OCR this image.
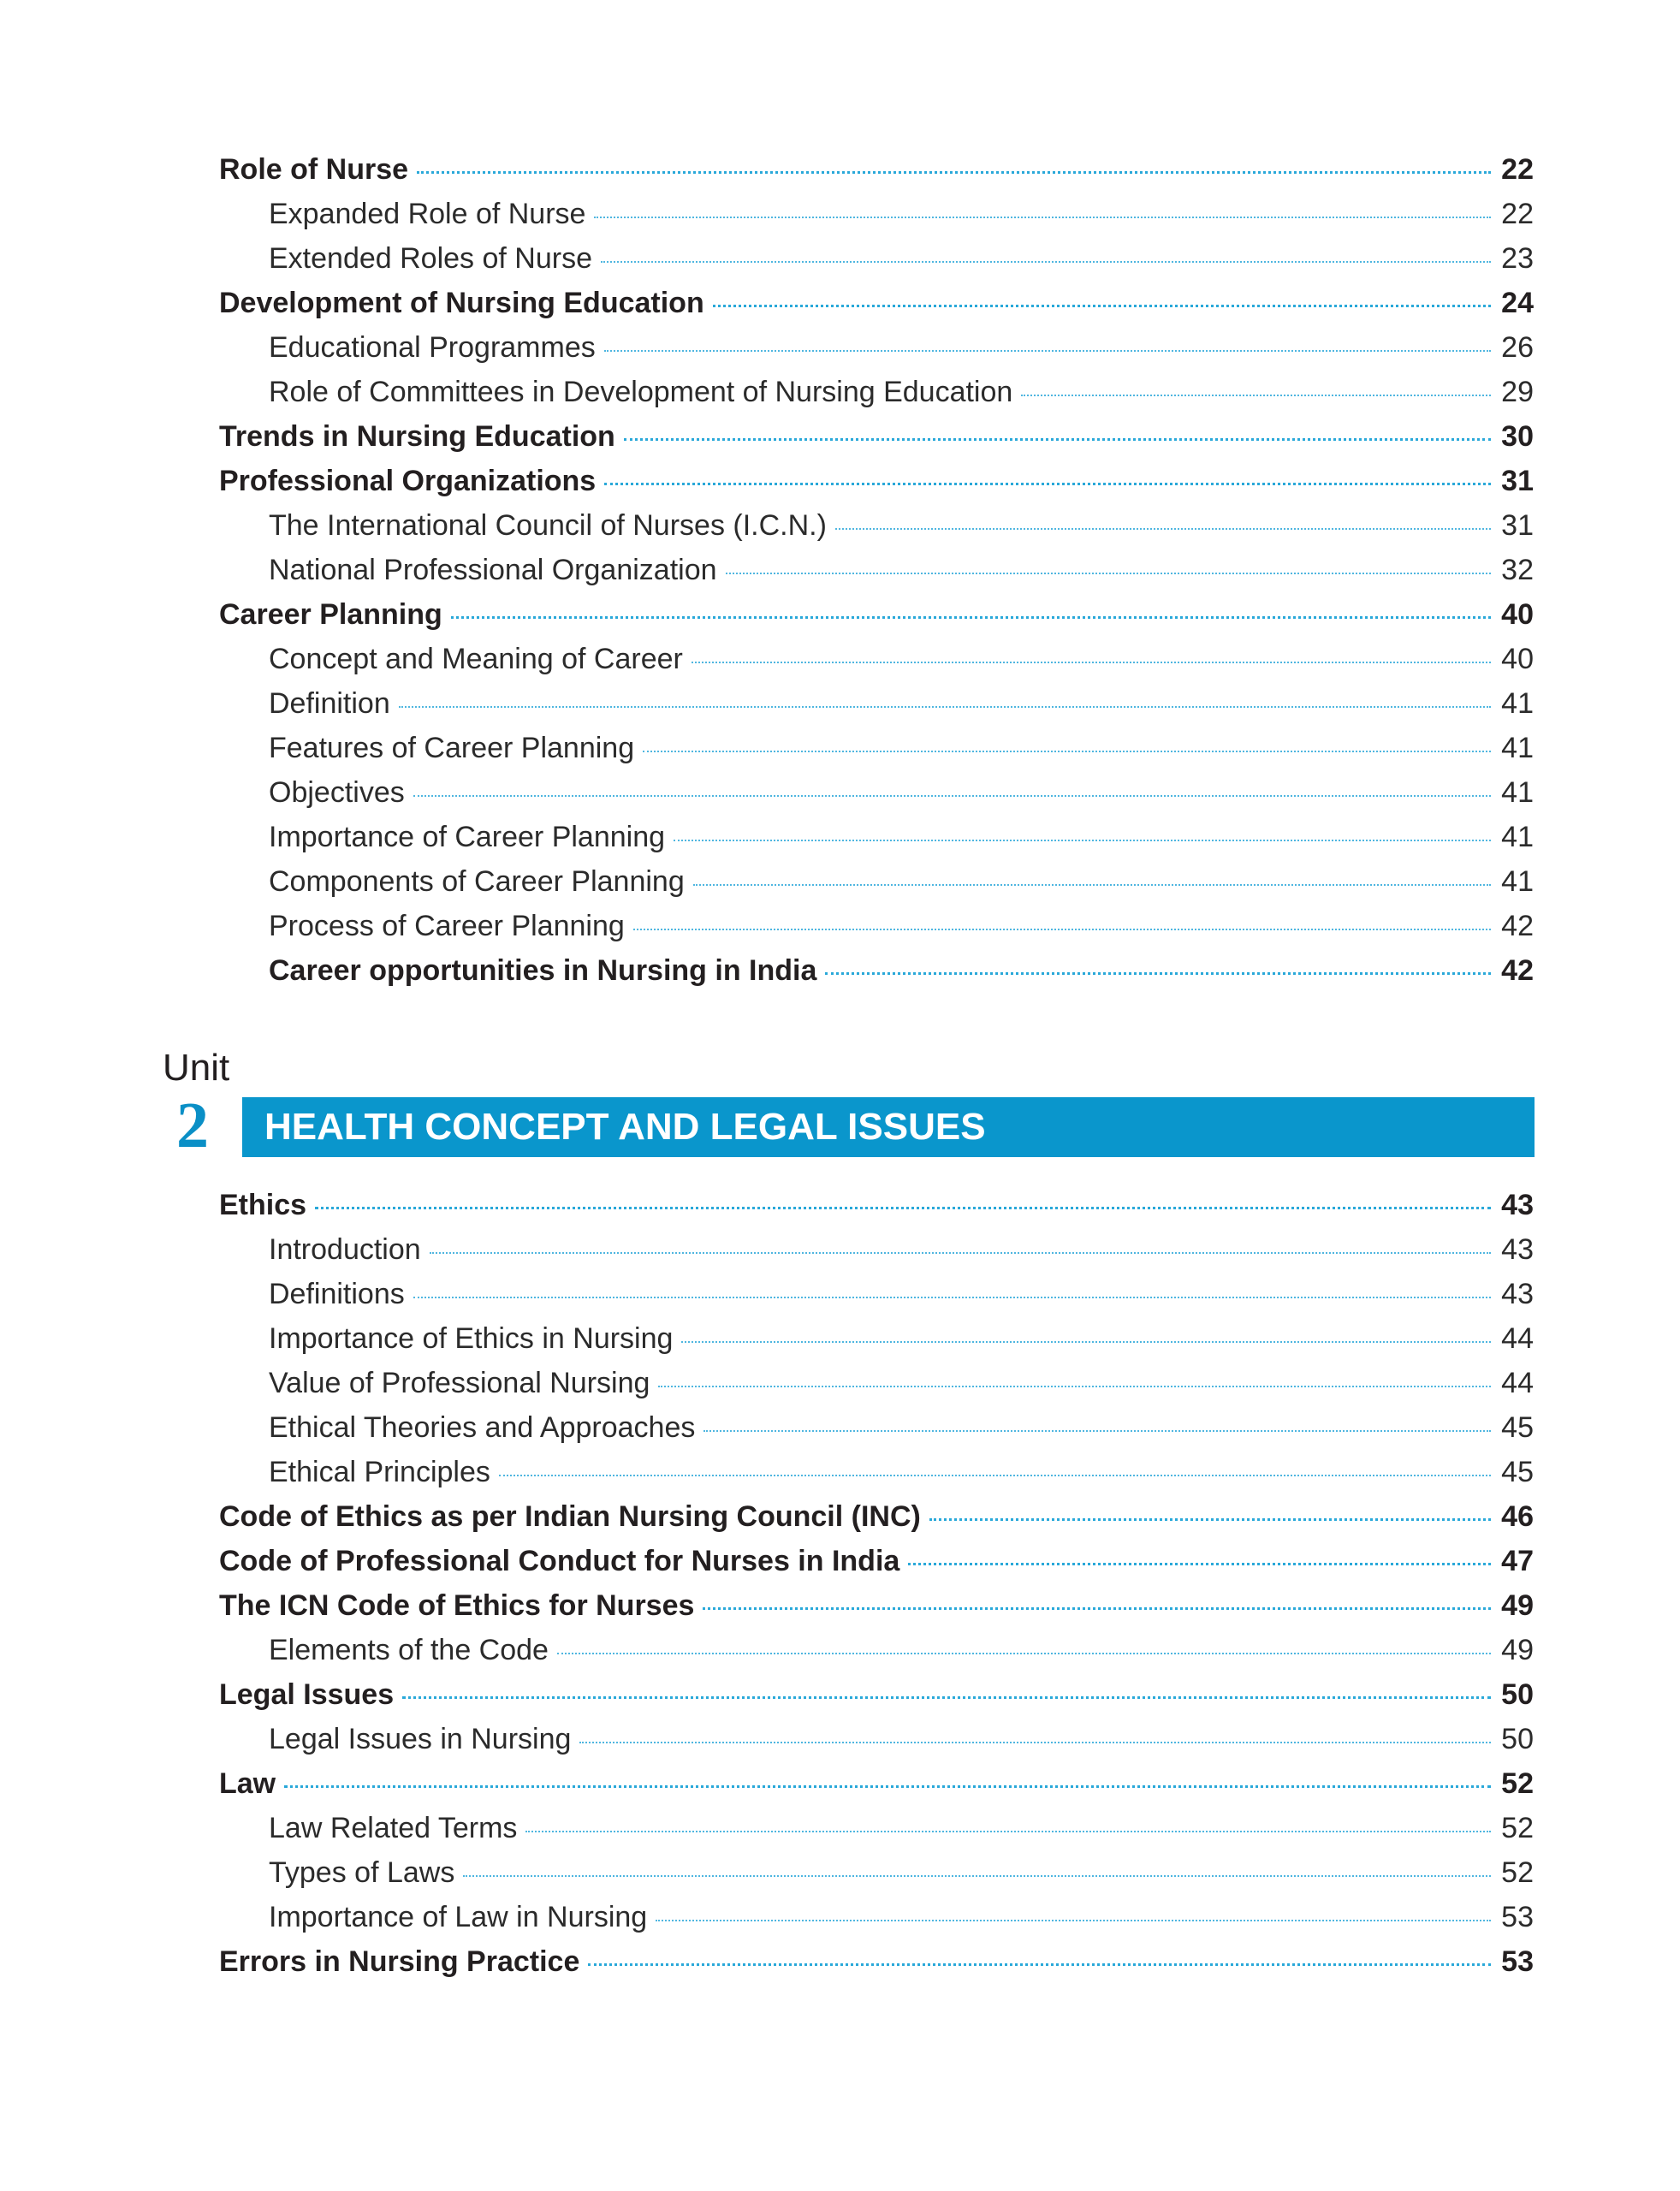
Role of Nurse	22
Expanded Role of Nurse	22
Extended Roles of Nurse	23
Development of Nursing Education	24
Educational Programmes	26
Role of Committees in Development of Nursing Education	29
Trends in Nursing Education	30
Professional Organizations	31
The International Council of Nurses (I.C.N.)	31
National Professional Organization	32
Career Planning	40
Concept and Meaning of Career	40
Definition	41
Features of Career Planning	41
Objectives	41
Importance of Career Planning	41
Components of Career Planning	41
Process of Career Planning	42
Career opportunities in Nursing in India	42
Unit
2 HEALTH CONCEPT AND LEGAL ISSUES
Ethics	43
Introduction	43
Definitions	43
Importance of Ethics in Nursing	44
Value of Professional Nursing	44
Ethical Theories and Approaches	45
Ethical Principles	45
Code of Ethics as per Indian Nursing Council (INC)	46
Code of Professional Conduct for Nurses in India	47
The ICN Code of Ethics for Nurses	49
Elements of the Code	49
Legal Issues	50
Legal Issues in Nursing	50
Law	52
Law Related Terms	52
Types of Laws	52
Importance of Law in Nursing	53
Errors in Nursing Practice	53
